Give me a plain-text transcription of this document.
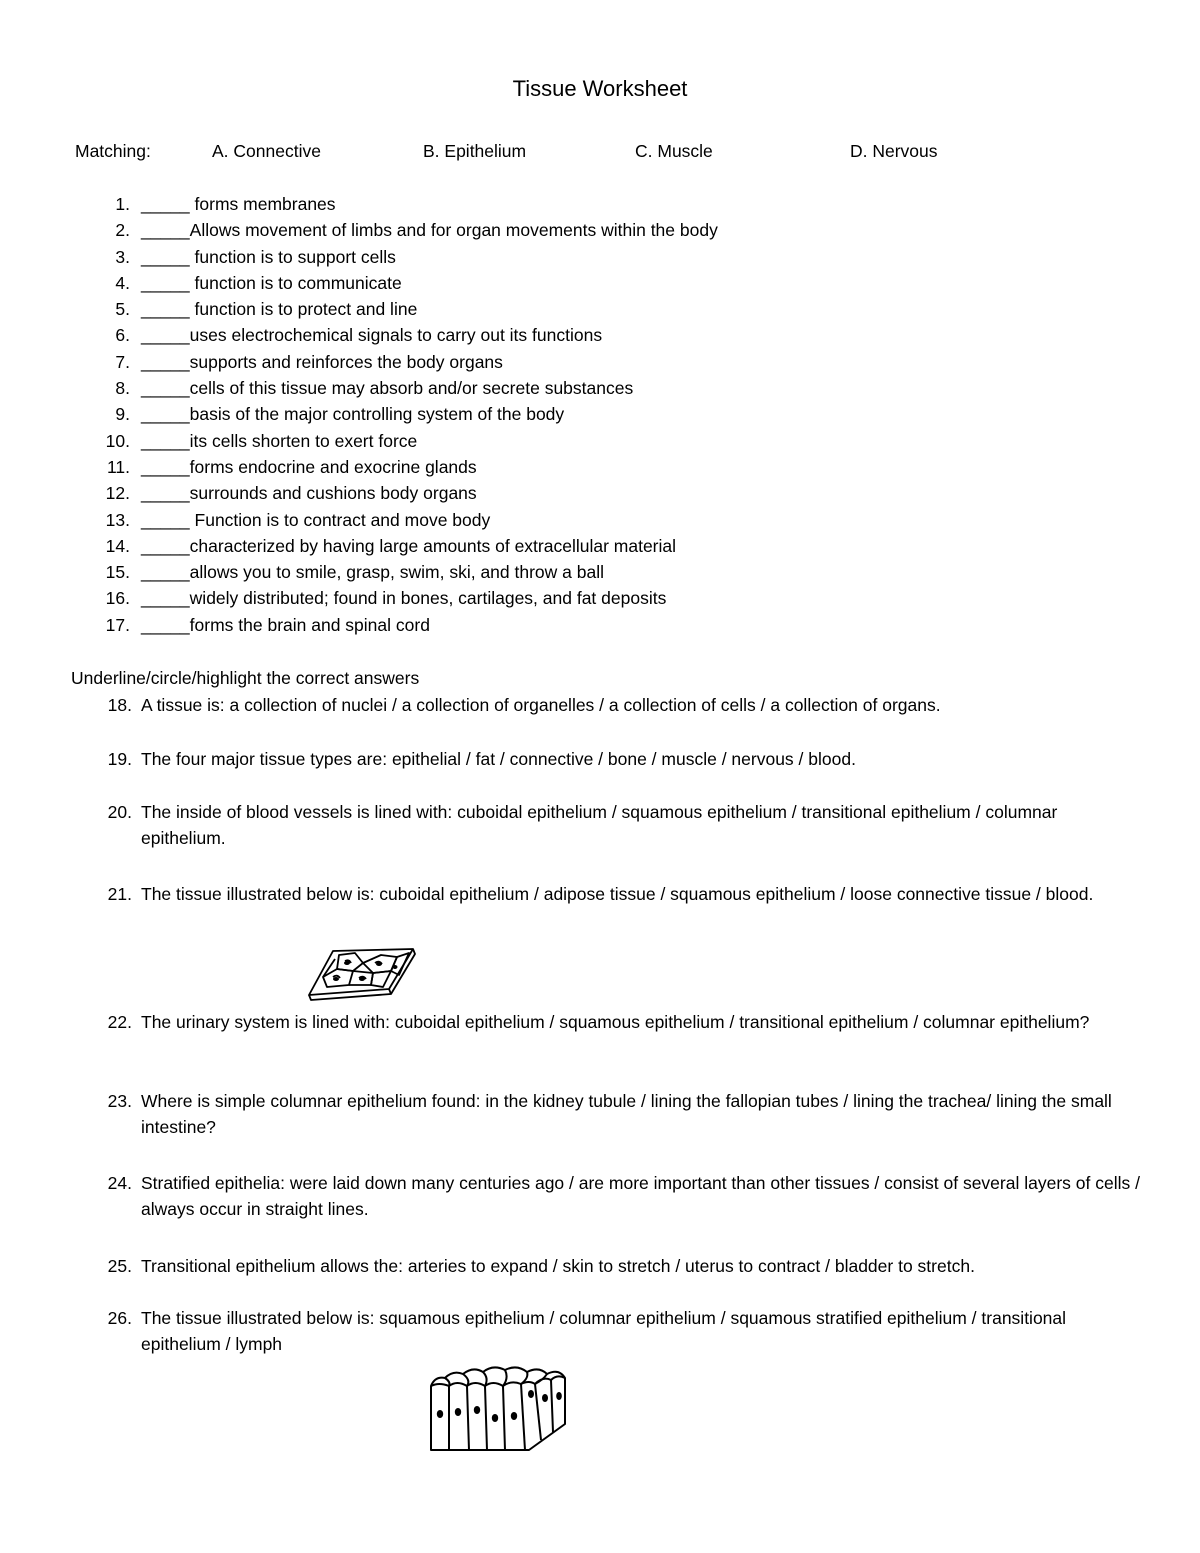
Tissue Worksheet
Matching:	A. Connective	B. Epithelium	C. Muscle	D. Nervous
1. _____ forms membranes
2. _____Allows movement of limbs and for organ movements within the body
3. _____ function is to support cells
4. _____ function is to communicate
5. _____ function is to protect and line
6. _____uses electrochemical signals to carry out its functions
7. _____supports and reinforces the body organs
8. _____cells of this tissue may absorb and/or secrete substances
9. _____basis of the major controlling system of the body
10. _____its cells shorten to exert force
11. _____forms endocrine and exocrine glands
12. _____surrounds and cushions body organs
13. _____ Function is to contract and move body
14. _____characterized by having large amounts of extracellular material
15. _____allows you to smile, grasp, swim, ski, and throw a ball
16. _____widely distributed; found in bones, cartilages, and fat deposits
17. _____forms the brain and spinal cord
Underline/circle/highlight the correct answers
18. A tissue is: a collection of nuclei / a collection of organelles / a collection of cells / a collection of organs.
19. The four major tissue types are: epithelial / fat / connective / bone / muscle / nervous / blood.
20. The inside of blood vessels is lined with: cuboidal epithelium / squamous epithelium / transitional epithelium / columnar epithelium.
21. The tissue illustrated below is: cuboidal epithelium / adipose tissue / squamous epithelium / loose connective tissue / blood.
22. The urinary system is lined with: cuboidal epithelium / squamous epithelium / transitional epithelium / columnar epithelium?
23. Where is simple columnar epithelium found: in the kidney tubule / lining the fallopian tubes / lining the trachea/ lining the small intestine?
24. Stratified epithelia: were laid down many centuries ago / are more important than other tissues / consist of several layers of cells / always occur in straight lines.
25. Transitional epithelium allows the: arteries to expand / skin to stretch / uterus to contract / bladder to stretch.
26. The tissue illustrated below is: squamous epithelium / columnar epithelium / squamous stratified epithelium / transitional epithelium / lymph
